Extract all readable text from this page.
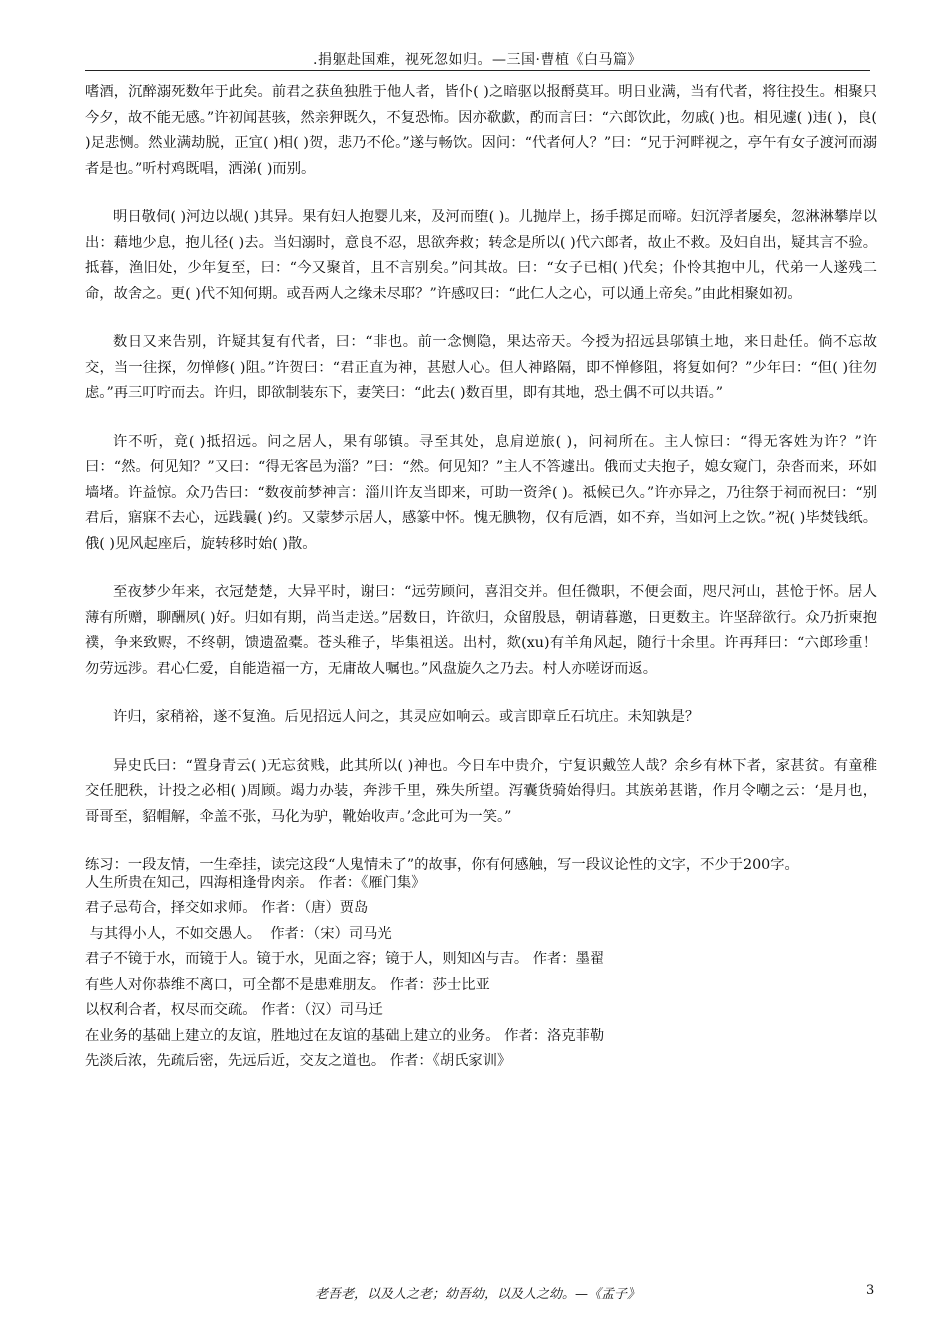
.捐躯赴国难，视死忽如归。—三国·曹植《白马篇》

嗜酒，沉醉溺死数年于此矣。前君之获鱼独胜于他人者，皆仆( )之暗驱以报酹莫耳。明日业满，当有代者，将往投生。相聚只今夕，故不能无感。”许初闻甚骇，然亲狎既久，不复恐怖。因亦欷歔，酌而言曰：“六郎饮此，勿戚( )也。相见遽( )违( )，良( )足悲恻。然业满劫脱，正宜( )相( )贺，悲乃不伦。”遂与畅饮。因问：“代者何人？”曰：“兄于河畔视之，亭午有女子渡河而溺者是也。”听村鸡既唱，洒涕( )而别。

明日敬伺( )河边以觇( )其异。果有妇人抱婴儿来，及河而堕( )。儿抛岸上，扬手掷足而啼。妇沉浮者屡矣，忽淋淋攀岸以出：藉地少息，抱儿径( )去。当妇溺时，意良不忍，思欲奔救；转念是所以( )代六郎者，故止不救。及妇自出，疑其言不验。抵暮，渔旧处，少年复至，曰：“今又聚首，且不言别矣。”问其故。曰：“女子已相( )代矣；仆怜其抱中儿，代弟一人遂残二命，故舍之。更( )代不知何期。或吾两人之缘未尽耶？”许感叹曰：“此仁人之心，可以通上帝矣。”由此相聚如初。

数日又来告别，许疑其复有代者，曰：“非也。前一念恻隐，果达帝天。今授为招远县邬镇土地，来日赴任。倘不忘故交，当一往探，勿惮修( )阻。”许贺曰：“君正直为神，甚慰人心。但人神路隔，即不惮修阻，将复如何？”少年曰：“但( )往勿虑。”再三叮咛而去。许归，即欲制装东下，妻笑曰：“此去( )数百里，即有其地，恐土偶不可以共语。”

许不听，竟( )抵招远。问之居人，果有邬镇。寻至其处，息肩逆旅( )，问祠所在。主人惊曰：“得无客姓为许？”许曰：“然。何见知？”又曰：“得无客邑为淄？”曰：“然。何见知？”主人不答遽出。俄而丈夫抱子，媳女窥门，杂沓而来，环如墙堵。许益惊。众乃告曰：“数夜前梦神言：淄川许友当即来，可助一资斧( )。祗候已久。”许亦异之，乃往祭于祠而祝曰：“别君后，寤寐不去心，远践曩( )约。又蒙梦示居人，感篆中怀。愧无腆物，仅有卮酒，如不弃，当如河上之饮。”祝( )毕焚钱纸。俄( )见风起座后，旋转移时始( )散。

至夜梦少年来，衣冠楚楚，大异平时，谢曰：“远劳顾问，喜泪交并。但任微职，不便会面，咫尺河山，甚怆于怀。居人薄有所赠，聊酬夙( )好。归如有期，尚当走送。”居数日，许欲归，众留殷恳，朝请暮邀，日更数主。许坚辞欲行。众乃折柬抱襆，争来致赆，不终朝，馈遗盈橐。苍头稚子，毕集祖送。出村，欻(xu)有羊角风起，随行十余里。许再拜曰：“六郎珍重！勿劳远涉。君心仁爱，自能造福一方，无庸故人嘱也。”风盘旋久之乃去。村人亦嗟讶而返。

许归，家稍裕，遂不复渔。后见招远人问之，其灵应如响云。或言即章丘石坑庄。未知孰是？

异史氏曰：“置身青云( )无忘贫贱，此其所以( )神也。今日车中贵介，宁复识戴笠人哉？余乡有林下者，家甚贫。有童稚交任肥秩，计投之必相( )周顾。竭力办装，奔涉千里，殊失所望。泻囊货骑始得归。其族弟甚谐，作月令嘲之云：‘是月也，哥哥至，貂帽解，伞盖不张，马化为驴，靴始收声。’念此可为一笑。”

练习：一段友情，一生牵挂，读完这段“人鬼情未了”的故事，你有何感触，写一段议论性的文字，不少于200字。

人生所贵在知己，四海相逢骨肉亲。 作者：《雁门集》

君子忌苟合，择交如求师。 作者：（唐）贾岛

与其得小人，不如交愚人。  作者：（宋）司马光

君子不镜于水，而镜于人。镜于水，见面之容；镜于人，则知凶与吉。 作者：墨翟

有些人对你恭维不离口，可全都不是患难朋友。 作者：莎士比亚

以权利合者，权尽而交疏。 作者：（汉）司马迁

在业务的基础上建立的友谊，胜地过在友谊的基础上建立的业务。 作者：洛克菲勒

先淡后浓，先疏后密，先远后近，交友之道也。 作者：《胡氏家训》

老吾老，以及人之老；幼吾幼，以及人之幼。—《孟子》	3
